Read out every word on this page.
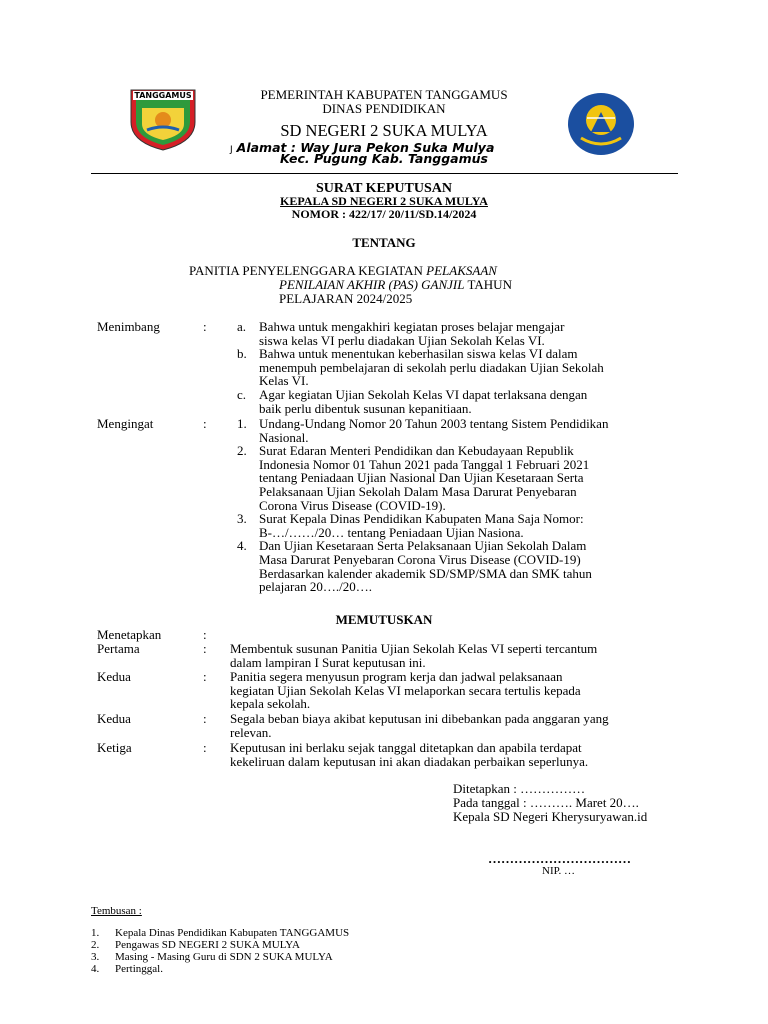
TANGGAMUS	PEMERINTAH KABUPATEN TANGGAMUS
DINAS PENDIDIKAN
SD NEGERI 2 SUKA MULYA
J Alamat : Way Jura Pekon Suka Mulya
Kec. Pugung Kab. Tanggamus
SURAT KEPUTUSAN
KEPALA SD NEGERI 2 SUKA MULYA
NOMOR : 422/17/ 20/11/SD.14/2024
TENTANG
PANITIA PENYELENGGARA KEGIATAN PELAKSAAN
PENILAIAN AKHIR (PAS) GANJIL TAHUN
PELAJARAN 2024/2025
Menimbang	: a. Bahwa untuk mengakhiri kegiatan proses belajar mengajar
siswa kelas VI perlu diadakan Ujian Sekolah Kelas VI.
b. Bahwa untuk menentukan keberhasilan siswa kelas VI dalam
menempuh pembelajaran di sekolah perlu diadakan Ujian Sekolah
Kelas VI.
c. Agar kegiatan Ujian Sekolah Kelas VI dapat terlaksana dengan
baik perlu dibentuk susunan kepanitiaan.
Mengingat	: 1. Undang-Undang Nomor 20 Tahun 2003 tentang Sistem Pendidikan
Nasional.
2. Surat Edaran Menteri Pendidikan dan Kebudayaan Republik
Indonesia Nomor 01 Tahun 2021 pada Tanggal 1 Februari 2021
tentang Peniadaan Ujian Nasional Dan Ujian Kesetaraan Serta
Pelaksanaan Ujian Sekolah Dalam Masa Darurat Penyebaran
Corona Virus Disease (COVID-19).
3. Surat Kepala Dinas Pendidikan Kabupaten Mana Saja Nomor:
B-…/……/20… tentang Peniadaan Ujian Nasiona.
4. Dan Ujian Kesetaraan Serta Pelaksanaan Ujian Sekolah Dalam
Masa Darurat Penyebaran Corona Virus Disease (COVID-19)
Berdasarkan kalender akademik SD/SMP/SMA dan SMK tahun
pelajaran 20…./20….
MEMUTUSKAN
Menetapkan	:
Pertama	: Membentuk susunan Panitia Ujian Sekolah Kelas VI seperti tercantum
dalam lampiran I Surat keputusan ini.
Kedua	: Panitia segera menyusun program kerja dan jadwal pelaksanaan
kegiatan Ujian Sekolah Kelas VI melaporkan secara tertulis kepada
kepala sekolah.
Kedua	: Segala beban biaya akibat keputusan ini dibebankan pada anggaran yang
relevan.
Ketiga	: Keputusan ini berlaku sejak tanggal ditetapkan dan apabila terdapat
kekeliruan dalam keputusan ini akan diadakan perbaikan seperlunya.
Ditetapkan : ……………
Pada tanggal : ………. Maret 20….
Kepala SD Negeri Kherysuryawan.id
……………………………
NIP. …
Tembusan :
1. Kepala Dinas Pendidikan Kabupaten TANGGAMUS
2. Pengawas SD NEGERI 2 SUKA MULYA
3. Masing - Masing Guru di SDN 2 SUKA MULYA
4. Pertinggal.
